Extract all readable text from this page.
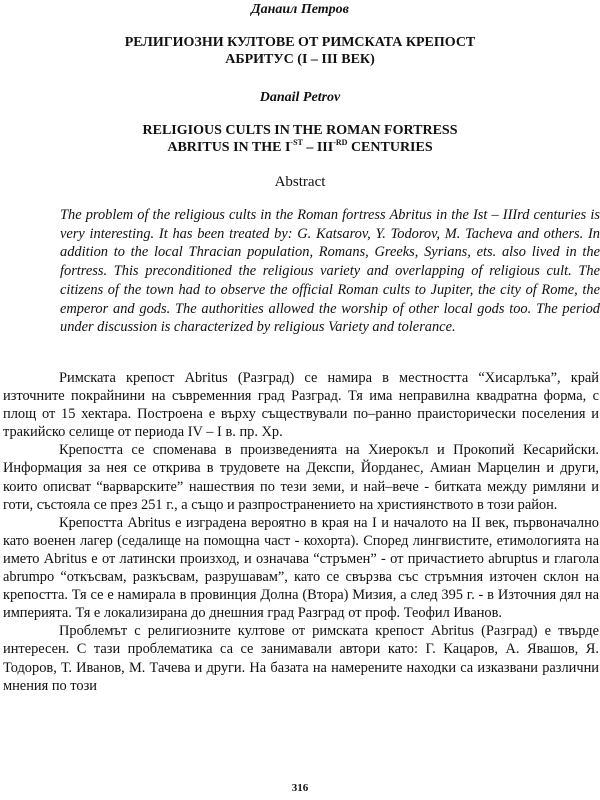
Данаил Петров
РЕЛИГИОЗНИ КУЛТОВЕ ОТ РИМСКАТА КРЕПОСТ
АБРИТУС (I – III ВЕК)
Danail Petrov
RELIGIOUS CULTS IN THE ROMAN FORTRESS
ABRITUS IN THE $I^{-ST} - III^{-RD}$ CENTURIES
Abstract

The problem of the religious cults in the Roman fortress Abritus in the Ist – IIIrd centuries is very interesting. It has been treated by: G. Katsarov, Y. Todorov, M. Tacheva and others. In addition to the local Thracian population, Romans, Greeks, Syrians, ets. also lived in the fortress. This preconditioned the religious variety and overlapping of religious cult. The citizens of the town had to observe the official Roman cults to Jupiter, the city of Rome, the emperor and gods. The authorities allowed the worship of other local gods too. The period under discussion is characterized by religious Variety and tolerance.

Римската крепост Abritus (Разград) се намира в местността “Хисарлъка”, край източните покрайнини на съвременния град Разград. Тя има неправилна квадратна форма, с площ от 15 хектара. Построена е върху съществували по–ранно праисторически поселения и тракийско селище от периода IV – I в. пр. Хр.

Крепостта се споменава в произведенията на Хиерокъл и Прокопий Кесарийски. Информация за нея се открива в трудовете на Декспи, Йорданес, Амиан Марцелин и други, които описват “варварските” нашествия по тези земи, и най–вече - битката между римляни и готи, състояла се през 251 г., а също и разпространението на християнството в този район.

Крепостта Abritus е изградена вероятно в края на I и началото на II век, първоначално като военен лагер (седалище на помощна част - кохорта). Според лингвистите, етимологията на името Abritus е от латински произход, и означава “стръмен” - от причастието abruptus и глагола abrumpo “откъсвам, разкъсвам, разрушавам”, като се свързва със стръмния източен склон на крепостта. Тя се е намирала в провинция Долна (Втора) Мизия, а след 395 г. - в Източния дял на империята. Тя е локализирана до днешния град Разград от проф. Теофил Иванов.

Проблемът с религиозните култове от римската крепост Abritus (Разград) е твърде интересен. С тази проблематика са се занимавали автори като: Г. Кацаров, А. Явашов, Я. Тодоров, Т. Иванов, М. Тачева и други. На базата на намерените находки са изказвани различни мнения по този

316
